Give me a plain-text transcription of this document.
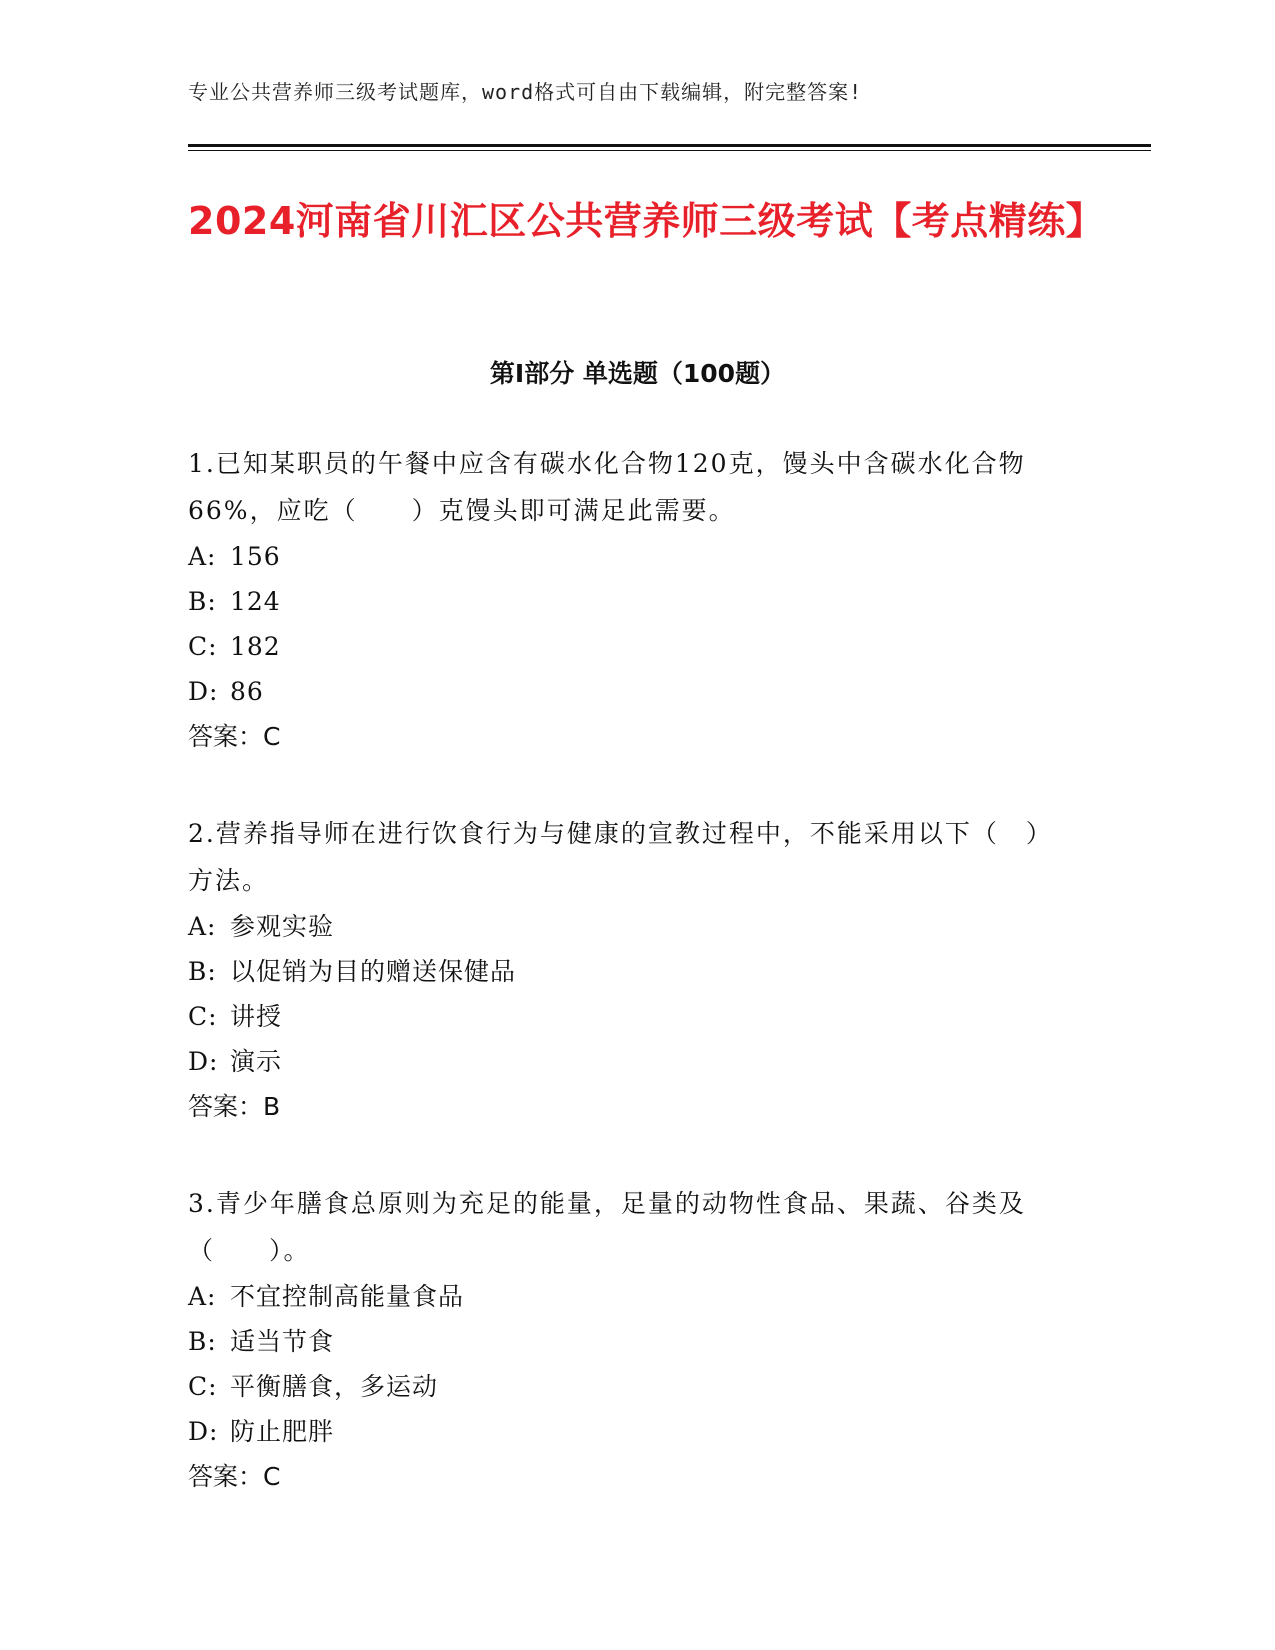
专业公共营养师三级考试题库，word格式可自由下载编辑，附完整答案!
2024河南省川汇区公共营养师三级考试【考点精练】
第I部分 单选题（100题）

1.已知某职员的午餐中应含有碳水化合物120克，馒头中含碳水化合物66%，应吃（　　）克馒头即可满足此需要。

A: 156

B: 124

C: 182

D: 86

答案：C

2.营养指导师在进行饮食行为与健康的宣教过程中，不能采用以下（　）方法。

A: 参观实验

B: 以促销为目的赠送保健品

C: 讲授

D: 演示

答案：B

3.青少年膳食总原则为充足的能量，足量的动物性食品、果蔬、谷类及（　　）。

A: 不宜控制高能量食品

B: 适当节食

C: 平衡膳食，多运动

D: 防止肥胖

答案：C
